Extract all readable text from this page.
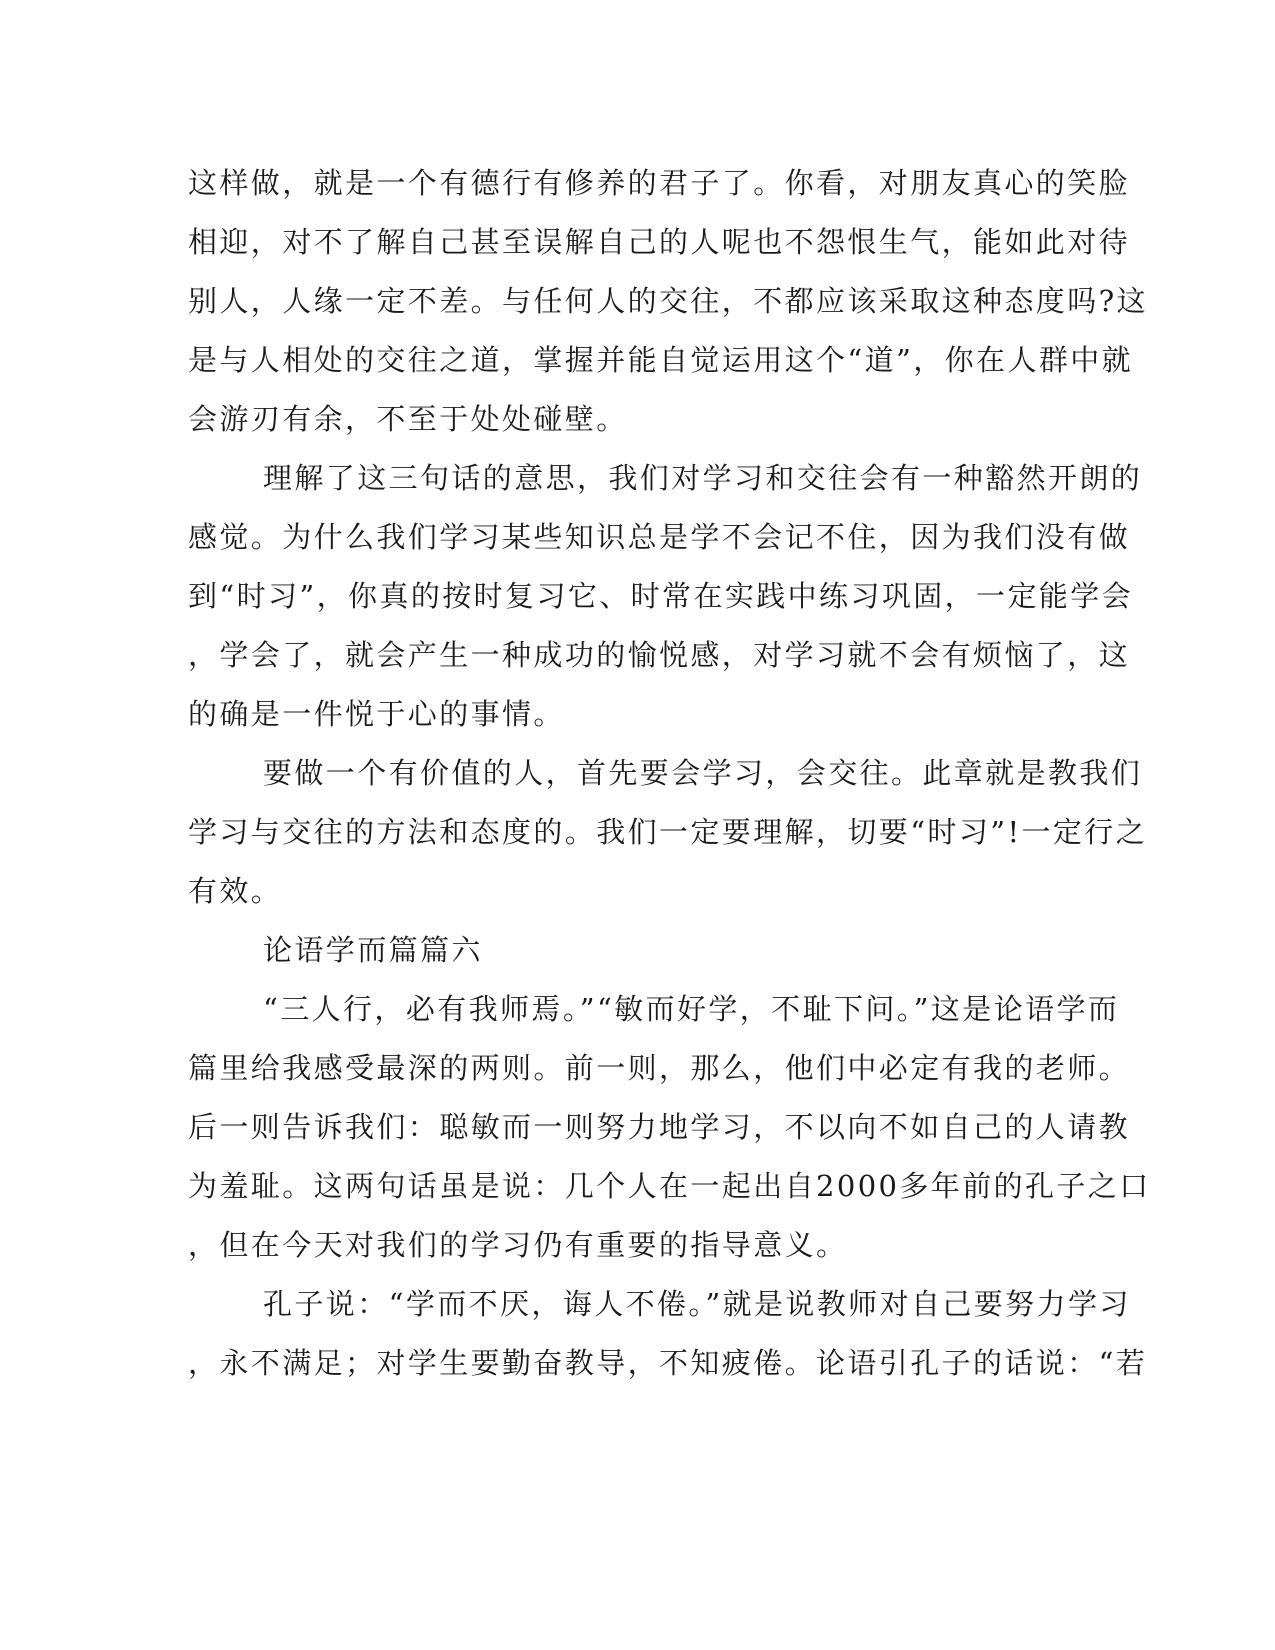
这样做，就是一个有德行有修养的君子了。你看，对朋友真心的笑脸
相迎，对不了解自己甚至误解自己的人呢也不怨恨生气，能如此对待
别人，人缘一定不差。与任何人的交往，不都应该采取这种态度吗?这
是与人相处的交往之道，掌握并能自觉运用这个“道”，你在人群中就
会游刃有余，不至于处处碰壁。
理解了这三句话的意思，我们对学习和交往会有一种豁然开朗的
感觉。为什么我们学习某些知识总是学不会记不住，因为我们没有做
到“时习”，你真的按时复习它、时常在实践中练习巩固，一定能学会
，学会了，就会产生一种成功的愉悦感，对学习就不会有烦恼了，这
的确是一件悦于心的事情。
要做一个有价值的人，首先要会学习，会交往。此章就是教我们
学习与交往的方法和态度的。我们一定要理解，切要“时习”!一定行之
有效。
论语学而篇篇六
“三人行，必有我师焉。”“敏而好学，不耻下问。”这是论语学而
篇里给我感受最深的两则。前一则，那么，他们中必定有我的老师。
后一则告诉我们：聪敏而一则努力地学习，不以向不如自己的人请教
为羞耻。这两句话虽是说：几个人在一起出自2000多年前的孔子之口
，但在今天对我们的学习仍有重要的指导意义。
孔子说：“学而不厌，诲人不倦。”就是说教师对自己要努力学习
，永不满足；对学生要勤奋教导，不知疲倦。论语引孔子的话说：“若
